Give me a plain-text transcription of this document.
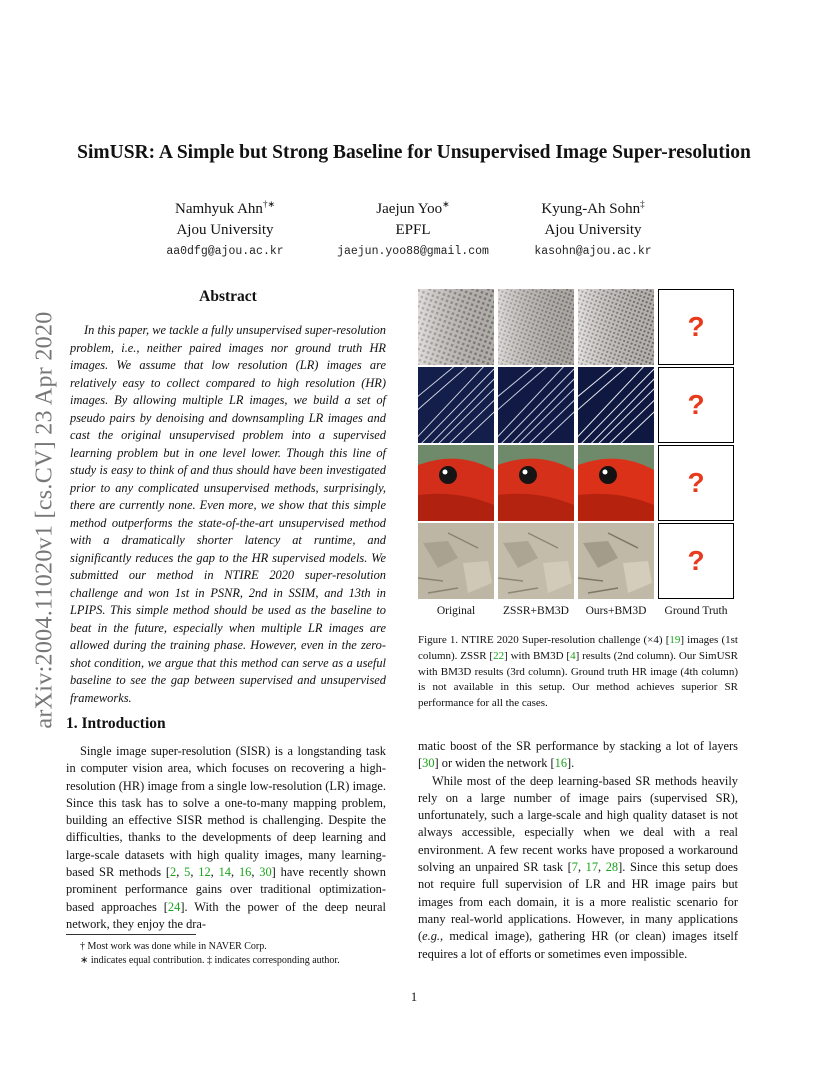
SimUSR: A Simple but Strong Baseline for Unsupervised Image Super-resolution
Namhyuk Ahn†∗
Ajou University
aa0dfg@ajou.ac.kr
Jaejun Yoo∗
EPFL
jaejun.yoo88@gmail.com
Kyung-Ah Sohn‡
Ajou University
kasohn@ajou.ac.kr
arXiv:2004.11020v1 [cs.CV] 23 Apr 2020
Abstract

In this paper, we tackle a fully unsupervised super-resolution problem, i.e., neither paired images nor ground truth HR images. We assume that low resolution (LR) images are relatively easy to collect compared to high resolution (HR) images. By allowing multiple LR images, we build a set of pseudo pairs by denoising and downsampling LR images and cast the original unsupervised problem into a supervised learning problem but in one level lower. Though this line of study is easy to think of and thus should have been investigated prior to any complicated unsupervised methods, surprisingly, there are currently none. Even more, we show that this simple method outperforms the state-of-the-art unsupervised method with a dramatically shorter latency at runtime, and significantly reduces the gap to the HR supervised models. We submitted our method in NTIRE 2020 super-resolution challenge and won 1st in PSNR, 2nd in SSIM, and 13th in LPIPS. This simple method should be used as the baseline to beat in the future, especially when multiple LR images are allowed during the training phase. However, even in the zero-shot condition, we argue that this method can serve as a useful baseline to see the gap between supervised and unsupervised frameworks.

1. Introduction

Single image super-resolution (SISR) is a longstanding task in computer vision area, which focuses on recovering a high-resolution (HR) image from a single low-resolution (LR) image. Since this task has to solve a one-to-many mapping problem, building an effective SISR method is challenging. Despite the difficulties, thanks to the developments of deep learning and large-scale datasets with high quality images, many learning-based SR methods [2, 5, 12, 14, 16, 30] have recently shown prominent performance gains over traditional optimization-based approaches [24]. With the power of the deep neural network, they enjoy the dra-

† Most work was done while in NAVER Corp.

∗ indicates equal contribution. ‡ indicates corresponding author.

?
?
?
?
Original	ZSSR+BM3D	Ours+BM3D	Ground Truth

Figure 1. NTIRE 2020 Super-resolution challenge (×4) [19] images (1st column). ZSSR [22] with BM3D [4] results (2nd column). Our SimUSR with BM3D results (3rd column). Ground truth HR image (4th column) is not available in this setup. Our method achieves superior SR performance for all the cases.

matic boost of the SR performance by stacking a lot of layers [30] or widen the network [16].

While most of the deep learning-based SR methods heavily rely on a large number of image pairs (supervised SR), unfortunately, such a large-scale and high quality dataset is not always accessible, especially when we deal with a real environment. A few recent works have proposed a workaround solving an unpaired SR task [7, 17, 28]. Since this setup does not require full supervision of LR and HR image pairs but images from each domain, it is a more realistic scenario for many real-world applications. However, in many applications (e.g., medical image), gathering HR (or clean) images itself requires a lot of efforts or sometimes even impossible.

1
